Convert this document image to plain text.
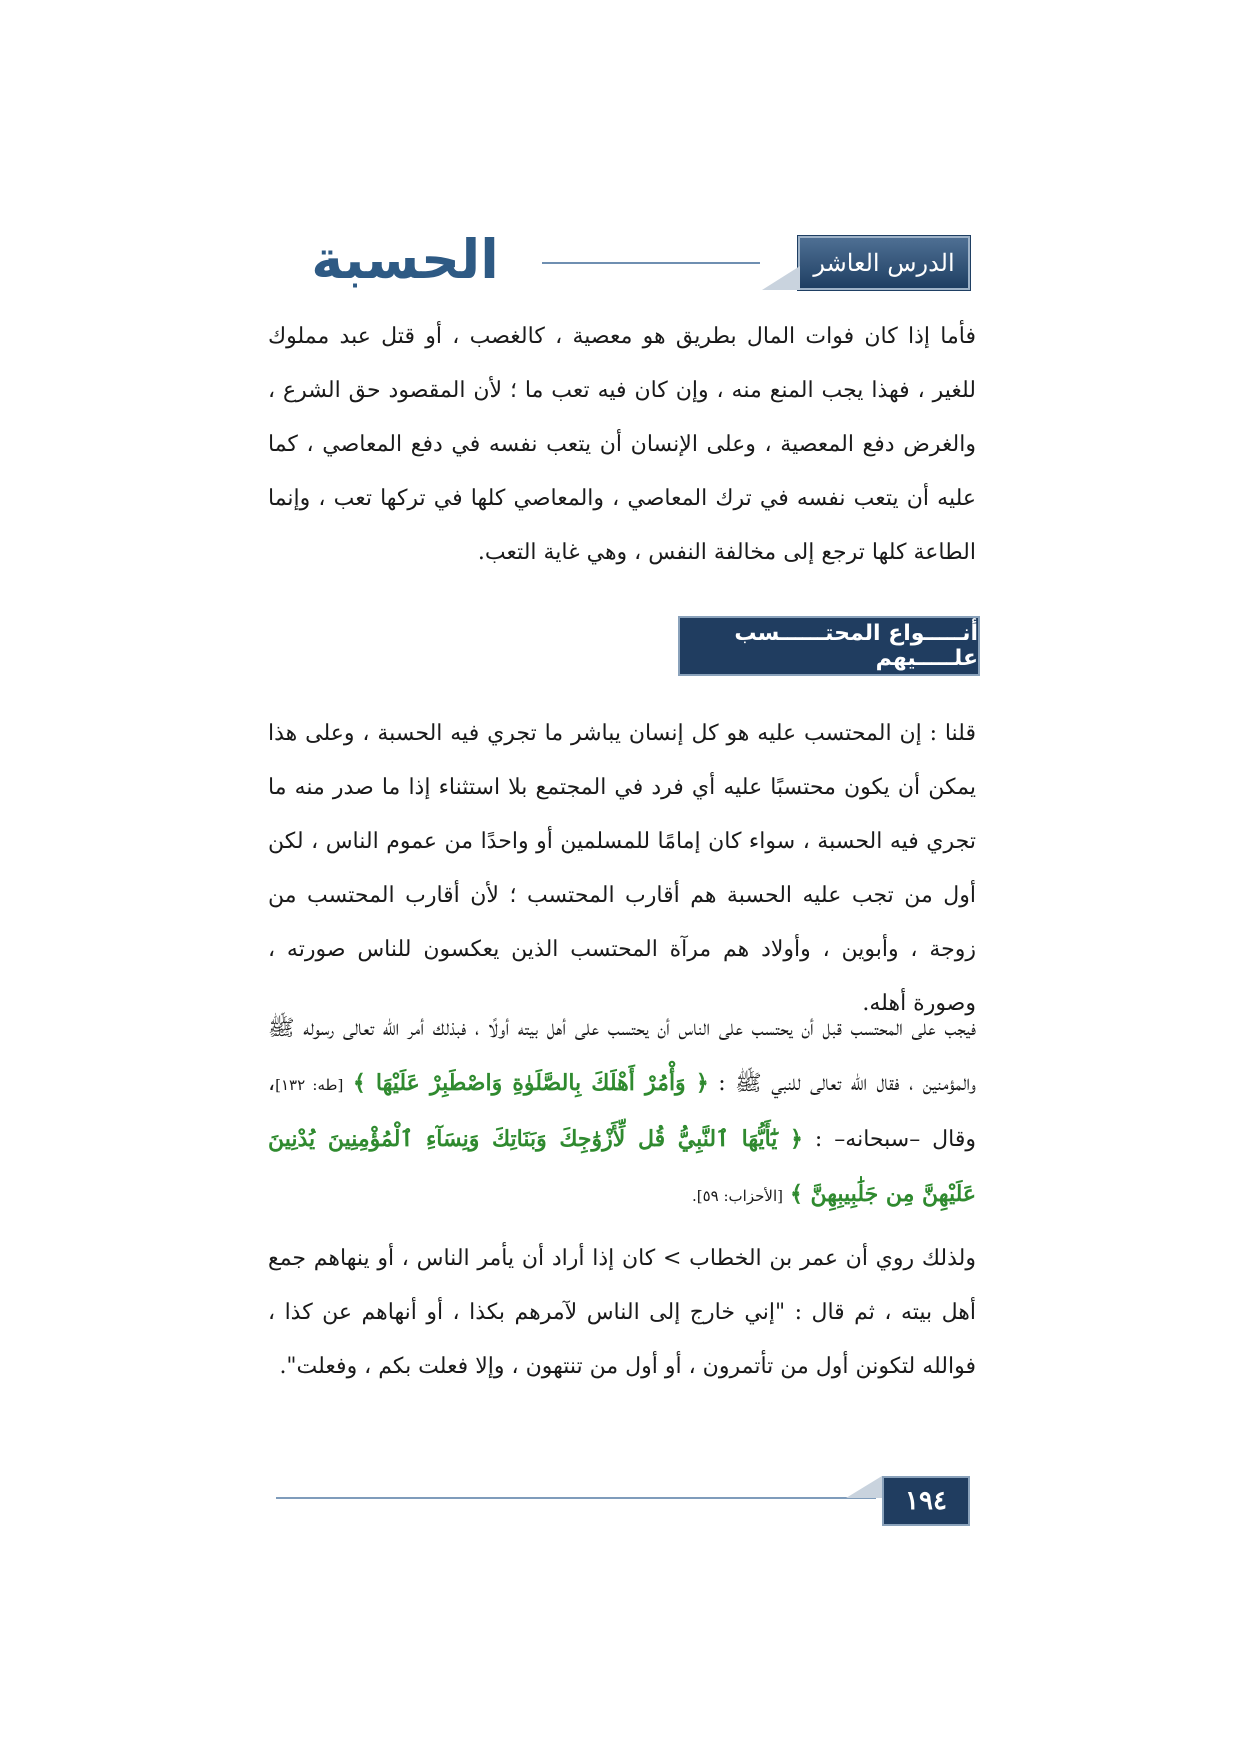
الحسبة	الدرس العاشر

فأما إذا كان فوات المال بطريق هو معصية ، كالغصب ، أو قتل عبد مملوك للغير ، فهذا يجب المنع منه ، وإن كان فيه تعب ما ؛ لأن المقصود حق الشرع ، والغرض دفع المعصية ، وعلى الإنسان أن يتعب نفسه في دفع المعاصي ، كما عليه أن يتعب نفسه في ترك المعاصي ، والمعاصي كلها في تركها تعب ، وإنما الطاعة كلها ترجع إلى مخالفة النفس ، وهي غاية التعب.

أنـــــواع المحتــــــسب علـــــيهم

قلنا : إن المحتسب عليه هو كل إنسان يباشر ما تجري فيه الحسبة ، وعلى هذا يمكن أن يكون محتسبًا عليه أي فرد في المجتمع بلا استثناء إذا ما صدر منه ما تجري فيه الحسبة ، سواء كان إمامًا للمسلمين أو واحدًا من عموم الناس ، لكن أول من تجب عليه الحسبة هم أقارب المحتسب ؛ لأن أقارب المحتسب من زوجة ، وأبوين ، وأولاد هم مرآة المحتسب الذين يعكسون للناس صورته ، وصورة أهله.

فيجب على المحتسب قبل أن يحتسب على الناس أن يحتسب على أهل بيته أولًا ، فبذلك أمر الله تعالى رسوله ﷺ والمؤمنين ، فقال الله تعالى للنبي ﷺ : ﴿ وَأْمُرْ أَهْلَكَ بِالصَّلَوٰةِ وَاصْطَبِرْ عَلَيْهَا ﴾ [طه: ١٣٢]، وقال –سبحانه– : ﴿ يَٰٓأَيُّهَا ٱلنَّبِيُّ قُل لِّأَزْوَٰجِكَ وَبَنَاتِكَ وَنِسَآءِ ٱلْمُؤْمِنِينَ يُدْنِينَ عَلَيْهِنَّ مِن جَلَٰبِيبِهِنَّ ﴾ [الأحزاب: ٥٩].

ولذلك روي أن عمر بن الخطاب > كان إذا أراد أن يأمر الناس ، أو ينهاهم جمع أهل بيته ، ثم قال : "إني خارج إلى الناس لآمرهم بكذا ، أو أنهاهم عن كذا ، فوالله لتكونن أول من تأتمرون ، أو أول من تنتهون ، وإلا فعلت بكم ، وفعلت".

١٩٤
